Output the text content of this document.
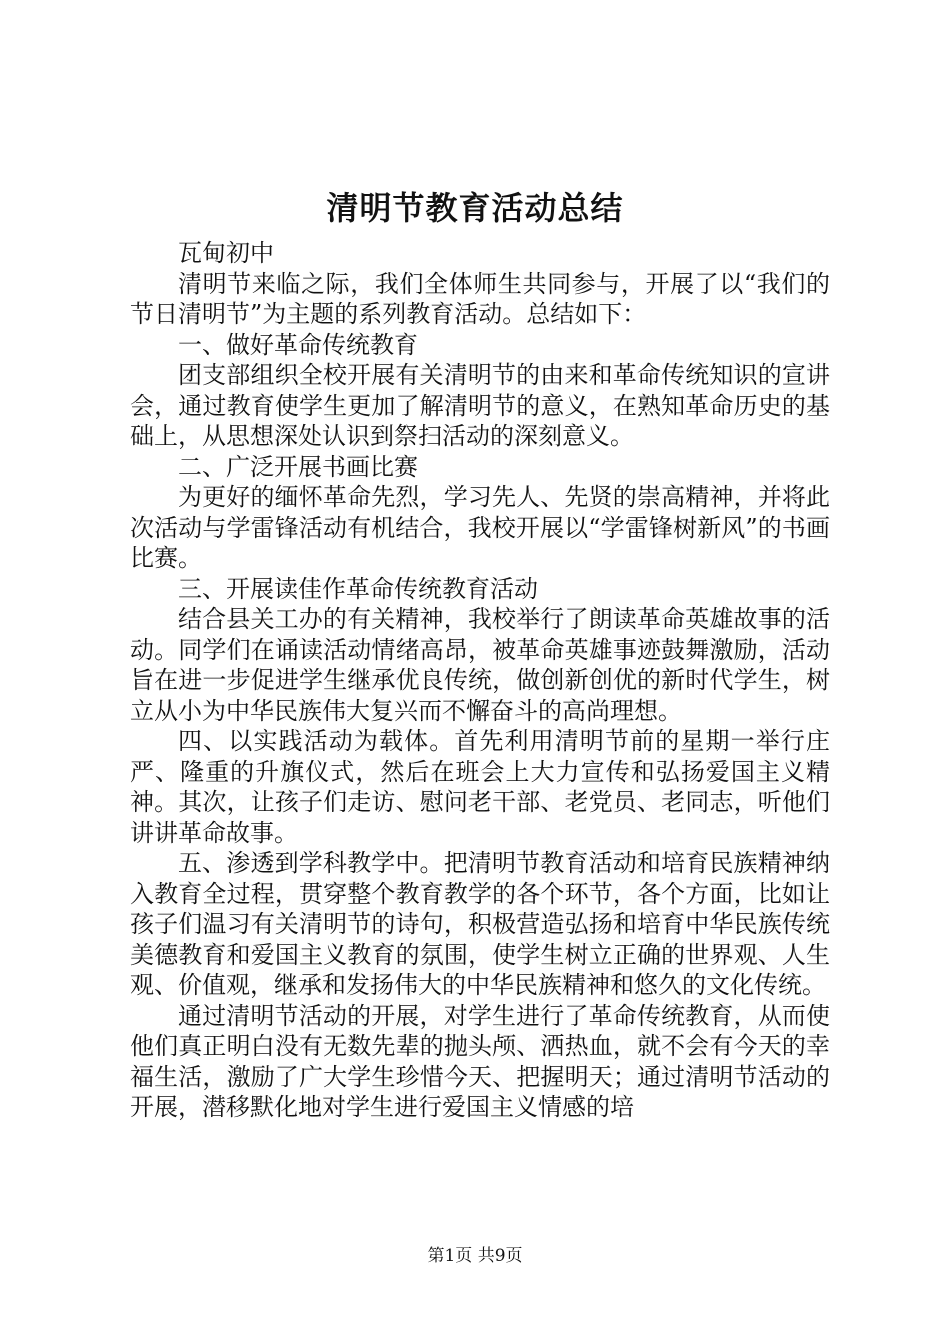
清明节教育活动总结

瓦甸初中

清明节来临之际，我们全体师生共同参与，开展了以“我们的节日清明节”为主题的系列教育活动。总结如下：

一、做好革命传统教育

团支部组织全校开展有关清明节的由来和革命传统知识的宣讲会，通过教育使学生更加了解清明节的意义，在熟知革命历史的基础上，从思想深处认识到祭扫活动的深刻意义。

二、广泛开展书画比赛

为更好的缅怀革命先烈，学习先人、先贤的崇高精神，并将此次活动与学雷锋活动有机结合，我校开展以“学雷锋树新风”的书画比赛。

三、开展读佳作革命传统教育活动

结合县关工办的有关精神，我校举行了朗读革命英雄故事的活动。同学们在诵读活动情绪高昂，被革命英雄事迹鼓舞激励，活动旨在进一步促进学生继承优良传统，做创新创优的新时代学生，树立从小为中华民族伟大复兴而不懈奋斗的高尚理想。

四、以实践活动为载体。首先利用清明节前的星期一举行庄严、隆重的升旗仪式，然后在班会上大力宣传和弘扬爱国主义精神。其次，让孩子们走访、慰问老干部、老党员、老同志，听他们讲讲革命故事。

五、渗透到学科教学中。把清明节教育活动和培育民族精神纳入教育全过程，贯穿整个教育教学的各个环节，各个方面，比如让孩子们温习有关清明节的诗句，积极营造弘扬和培育中华民族传统美德教育和爱国主义教育的氛围，使学生树立正确的世界观、人生观、价值观，继承和发扬伟大的中华民族精神和悠久的文化传统。

通过清明节活动的开展，对学生进行了革命传统教育，从而使他们真正明白没有无数先辈的抛头颅、洒热血，就不会有今天的幸福生活，激励了广大学生珍惜今天、把握明天；通过清明节活动的开展，潜移默化地对学生进行爱国主义情感的培

第1页 共9页
